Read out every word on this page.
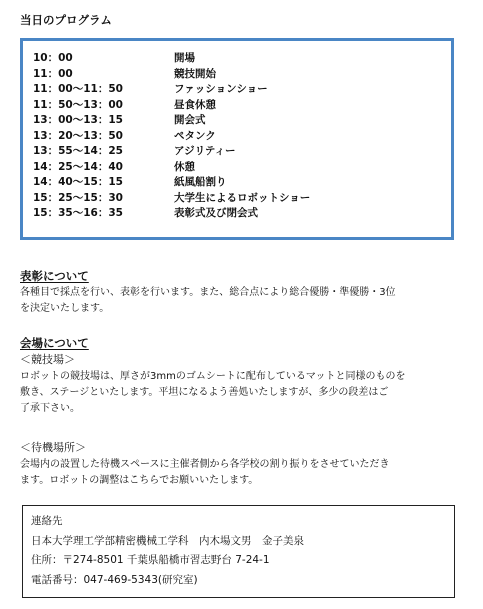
当日のプログラム
10：00	開場
11：00	競技開始
11：00〜11：50	ファッションショー
11：50〜13：00	昼食休憩
13：00〜13：15	開会式
13：20〜13：50	ペタンク
13：55〜14：25	アジリティー
14：25〜14：40	休憩
14：40〜15：15	紙風船割り
15：25〜15：30	大学生によるロボットショー
15：35〜16：35	表彰式及び閉会式
表彰について
各種目で採点を行い、表彰を行います。また、総合点により総合優勝・準優勝・3位
を決定いたします。
会場について
＜競技場＞
ロボットの競技場は、厚さが3mmのゴムシートに配布しているマットと同様のものを
敷き、ステージといたします。平坦になるよう善処いたしますが、多少の段差はご
了承下さい。
＜待機場所＞
会場内の設置した待機スペースに主催者側から各学校の割り振りをさせていただき
ます。ロボットの調整はこちらでお願いいたします。
連絡先
日本大学理工学部精密機械工学科　内木場文男　金子美泉
住所：〒274-8501 千葉県船橋市習志野台 7-24-1
電話番号：047-469-5343(研究室)
